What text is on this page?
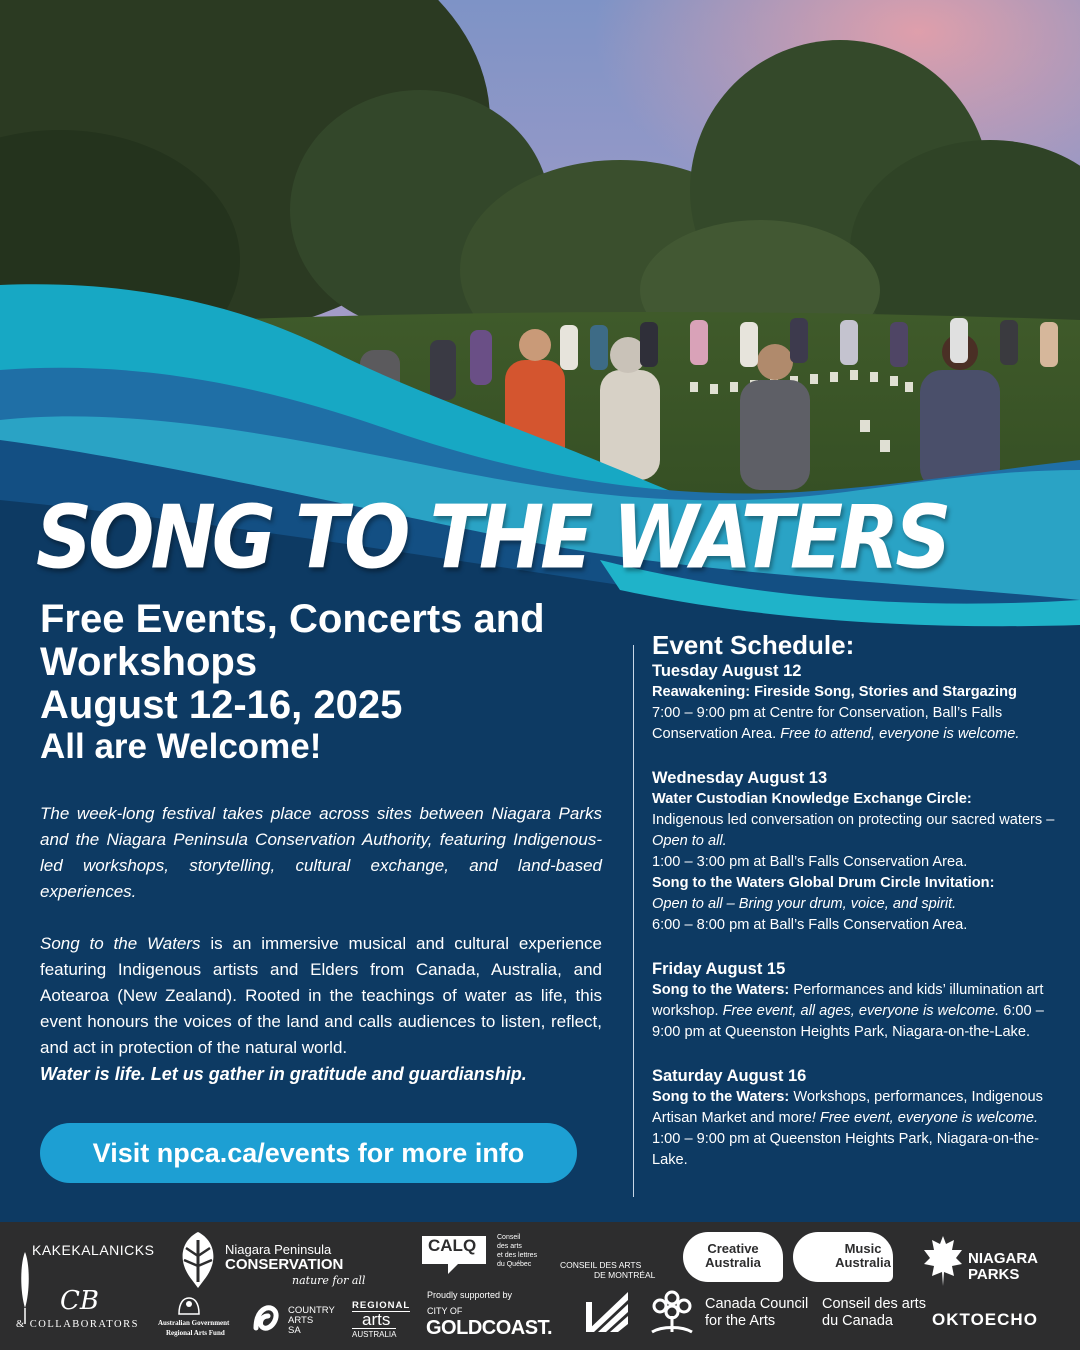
SONG TO THE WATERS
Free Events, Concerts and
Workshops
August 12-16, 2025
All are Welcome!
The week-long festival takes place across sites between Niagara Parks and the Niagara Peninsula Conservation Authority, featuring Indigenous-led workshops, storytelling, cultural exchange, and land-based experiences.
Song to the Waters is an immersive musical and cultural experience featuring Indigenous artists and Elders from Canada, Australia, and Aotearoa (New Zealand). Rooted in the teachings of water as life, this event honours the voices of the land and calls audiences to listen, reflect, and act in protection of the natural world.
Water is life. Let us gather in gratitude and guardianship.
Visit npca.ca/events for more info
Event Schedule:
Tuesday August 12
Reawakening: Fireside Song, Stories and Stargazing
7:00 – 9:00 pm at Centre for Conservation, Ball’s Falls Conservation Area. Free to attend, everyone is welcome.
Wednesday August 13
Water Custodian Knowledge Exchange Circle:
Indigenous led conversation on protecting our sacred waters – Open to all.
1:00 – 3:00 pm at Ball’s Falls Conservation Area.
Song to the Waters Global Drum Circle Invitation:
Open to all – Bring your drum, voice, and spirit.
6:00 – 8:00 pm at Ball’s Falls Conservation Area.
Friday August 15
Song to the Waters: Performances and kids’ illumination art workshop. Free event, all ages, everyone is welcome. 6:00 – 9:00 pm at Queenston Heights Park, Niagara-on-the-Lake.
Saturday August 16
Song to the Waters: Workshops, performances, Indigenous Artisan Market and more! Free event, everyone is welcome. 1:00 – 9:00 pm at Queenston Heights Park, Niagara-on-the-Lake.
KAKEKALANICKS
CB
& COLLABORATORS
Niagara Peninsula
CONSERVATION
nature for all
Australian Government
Regional Arts Fund
COUNTRY
ARTS
SA
REGIONAL
arts
AUSTRALIA
CALQ	Conseil
des arts
et des lettres
du Québec
Proudly supported by
CITY OF
GOLDCOAST.
CONSEIL DES ARTS
DE MONTRÉAL
Creative
Australia
Music
Australia	NIAGARA
PARKS
Canada Council
for the Arts
Conseil des arts
du Canada OKTOECHO
